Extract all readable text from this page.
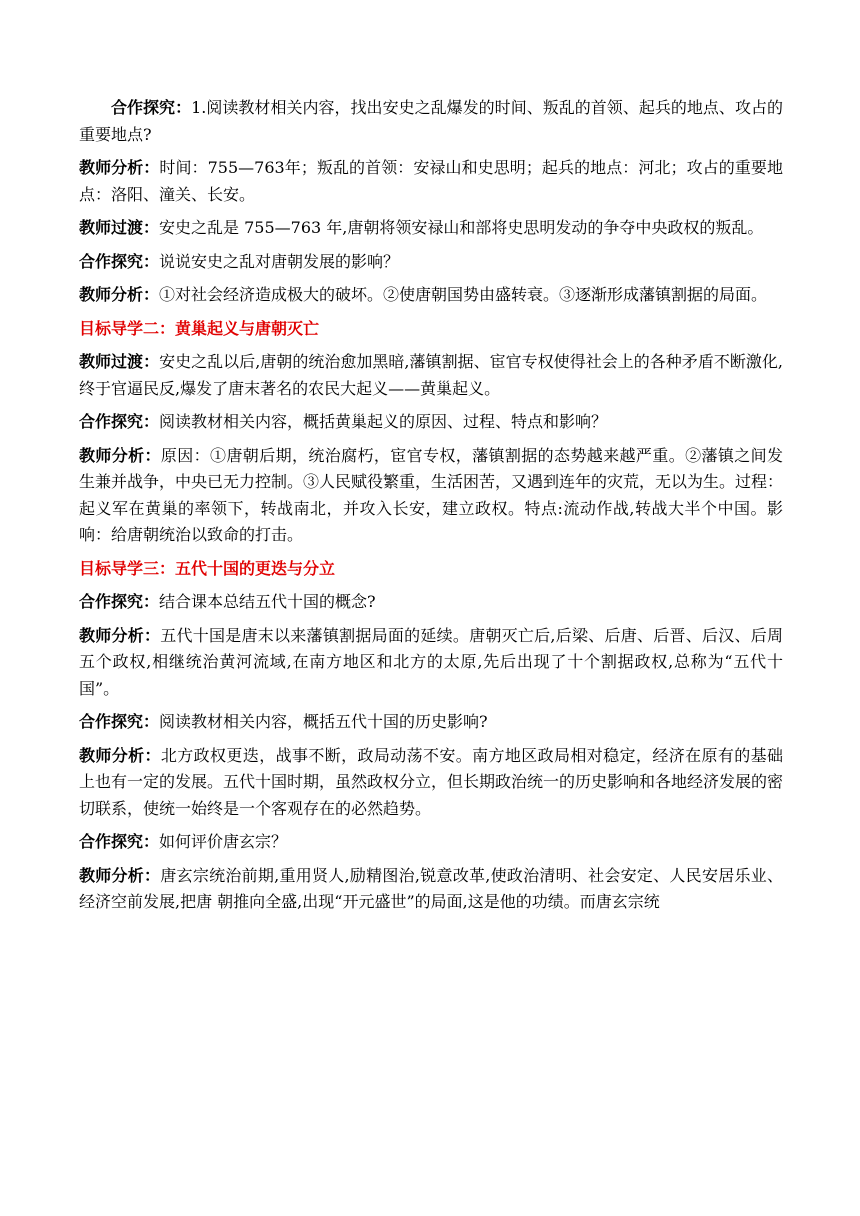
合作探究：1.阅读教材相关内容，找出安史之乱爆发的时间、叛乱的首领、起兵的地点、攻占的重要地点?

教师分析：时间：755—763年；叛乱的首领：安禄山和史思明；起兵的地点：河北；攻占的重要地点：洛阳、潼关、长安。

教师过渡：安史之乱是 755—763 年,唐朝将领安禄山和部将史思明发动的争夺中央政权的叛乱。

合作探究：说说安史之乱对唐朝发展的影响？

教师分析：①对社会经济造成极大的破坏。②使唐朝国势由盛转衰。③逐渐形成藩镇割据的局面。

目标导学二：黄巢起义与唐朝灭亡

教师过渡：安史之乱以后,唐朝的统治愈加黑暗,藩镇割据、宦官专权使得社会上的各种矛盾不断激化,终于官逼民反,爆发了唐末著名的农民大起义——黄巢起义。

合作探究：阅读教材相关内容，概括黄巢起义的原因、过程、特点和影响？

教师分析：原因：①唐朝后期，统治腐朽，宦官专权，藩镇割据的态势越来越严重。②藩镇之间发生兼并战争，中央已无力控制。③人民赋役繁重，生活困苦，又遇到连年的灾荒，无以为生。过程：起义军在黄巢的率领下，转战南北，并攻入长安，建立政权。特点:流动作战,转战大半个中国。影响：给唐朝统治以致命的打击。

目标导学三：五代十国的更迭与分立

合作探究：结合课本总结五代十国的概念?

教师分析：五代十国是唐末以来藩镇割据局面的延续。唐朝灭亡后,后梁、后唐、后晋、后汉、后周五个政权,相继统治黄河流域,在南方地区和北方的太原,先后出现了十个割据政权,总称为“五代十国”。

合作探究：阅读教材相关内容，概括五代十国的历史影响?

教师分析：北方政权更迭，战事不断，政局动荡不安。南方地区政局相对稳定，经济在原有的基础上也有一定的发展。五代十国时期，虽然政权分立，但长期政治统一的历史影响和各地经济发展的密切联系，使统一始终是一个客观存在的必然趋势。

合作探究：如何评价唐玄宗？

教师分析：唐玄宗统治前期,重用贤人,励精图治,锐意改革,使政治清明、社会安定、人民安居乐业、经济空前发展,把唐 朝推向全盛,出现“开元盛世”的局面,这是他的功绩。而唐玄宗统
